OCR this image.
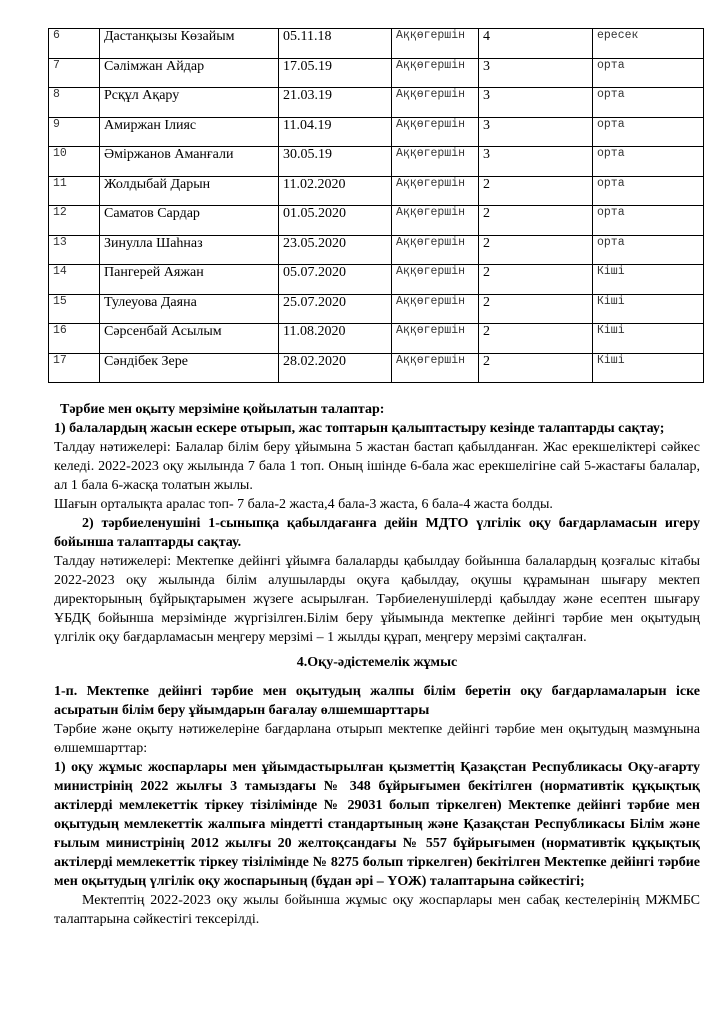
6	Дастанқызы Көзайым	05.11.18	Аққөгершін	4	ересек
7	Сәлімжан Айдар	17.05.19	Аққөгершін	3	орта
8	Рсқұл Ақару	21.03.19	Аққөгершін	3	орта
9	Амиржан Ілияс	11.04.19	Аққөгершін	3	орта
10	Әміржанов Аманғали	30.05.19	Аққөгершін	3	орта
11	Жолдыбай Дарын	11.02.2020	Аққөгершін	2	орта
12	Саматов Сардар	01.05.2020	Аққөгершін	2	орта
13	Зинулла Шаһназ	23.05.2020	Аққөгершін	2	орта
14	Пангерей Аяжан	05.07.2020	Аққөгершін	2	Кіші
15	Тулеуова Даяна	25.07.2020	Аққөгершін	2	Кіші
16	Сәрсенбай Асылым	11.08.2020	Аққөгершін	2	Кіші
17	Сәндібек Зере	28.02.2020	Аққөгершін	2	Кіші

Тәрбие мен оқыту мерзіміне қойылатын талаптар:

1) балалардың жасын ескере отырып, жас топтарын қалыптастыру кезінде талаптарды сақтау;

Талдау нәтижелері: Балалар білім беру ұйымына 5 жастан бастап қабылданған. Жас ерекшеліктері сәйкес келеді. 2022-2023 оқу жылында 7 бала 1 топ. Оның ішінде 6-бала жас ерекшелігіне сай 5-жастағы балалар, ал 1 бала 6-жасқа толатын жылы.

Шағын орталықта аралас топ- 7 бала-2 жаста,4 бала-3 жаста, 6 бала-4 жаста болды.

2) тәрбиеленушіні 1-сыныпқа қабылдағанға дейін МДТО үлгілік оқу бағдарламасын игеру бойынша талаптарды сақтау.

Талдау нәтижелері: Мектепке дейінгі ұйымға балаларды қабылдау бойынша балалардың қозғалыс кітабы 2022-2023 оқу жылында білім алушыларды оқуға қабылдау, оқушы құрамынан шығару мектеп директорының бұйрықтарымен жүзеге асырылған. Тәрбиеленушілерді қабылдау және есептен шығару ҰБДҚ бойынша мерзімінде жүргізілген.Білім беру ұйымында мектепке дейінгі тәрбие мен оқытудың үлгілік оқу бағдарламасын меңгеру мерзімі – 1 жылды құрап, меңгеру мерзімі сақталған.

4.Оқу-әдістемелік жұмыс

1-п. Мектепке дейінгі тәрбие мен оқытудың жалпы білім беретін оқу бағдарламаларын іске асыратын білім беру ұйымдарын бағалау өлшемшарттары

Тәрбие және оқыту нәтижелеріне бағдарлана отырып мектепке дейінгі тәрбие мен оқытудың мазмұнына өлшемшарттар:

1) оқу жұмыс жоспарлары мен ұйымдастырылған қызметтің Қазақстан Республикасы Оқу-ағарту министрінің 2022 жылғы 3 тамыздағы № 348 бұйрығымен бекітілген (нормативтік құқықтық актілерді мемлекеттік тіркеу тізілімінде № 29031 болып тіркелген) Мектепке дейінгі тәрбие мен оқытудың мемлекеттік жалпыға міндетті стандартының және Қазақстан Республикасы Білім және ғылым министрінің 2012 жылғы 20 желтоқсандағы № 557 бұйрығымен (нормативтік құқықтық актілерді мемлекеттік тіркеу тізілімінде № 8275 болып тіркелген) бекітілген Мектепке дейінгі тәрбие мен оқытудың үлгілік оқу жоспарының (бұдан әрі – ҮОЖ) талаптарына сәйкестігі;

Мектептің 2022-2023 оқу жылы бойынша жұмыс оқу жоспарлары мен сабақ кестелерінің МЖМБС талаптарына сәйкестігі тексерілді.
